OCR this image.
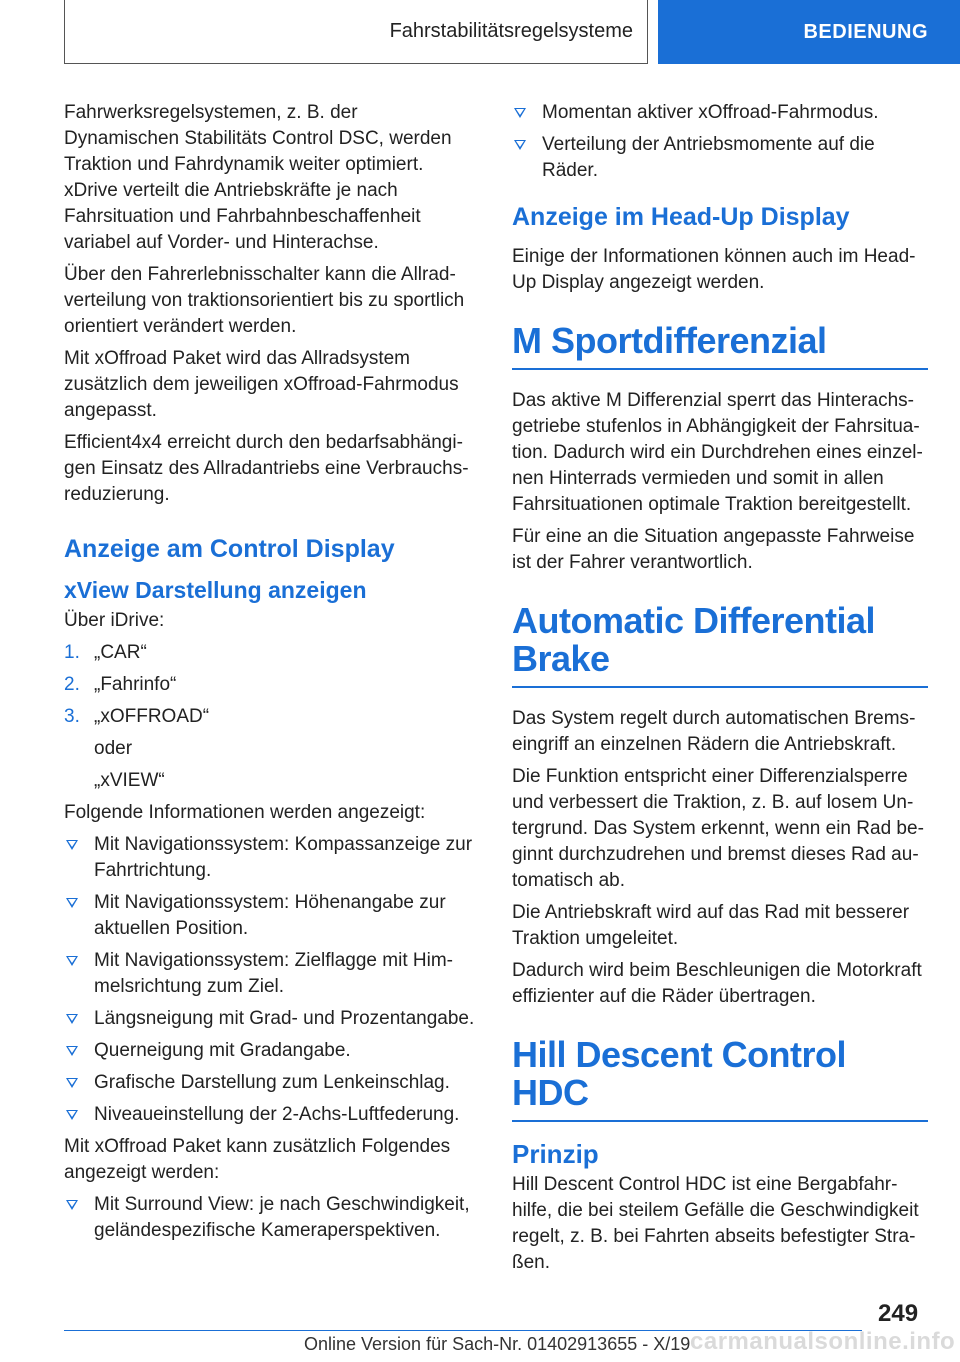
Fahrstabilitätsregelsysteme	BEDIENUNG

Fahrwerksregelsystemen, z. B. der Dynamischen Stabilitäts Control DSC, werden Traktion und Fahrdynamik weiter optimiert. xDrive verteilt die Antriebskräfte je nach Fahrsituation und Fahrbahnbeschaffenheit variabel auf Vorder- und Hinterachse.

Über den Fahrerlebnisschalter kann die Allradverteilung von traktionsorientiert bis zu sportlich orientiert verändert werden.

Mit xOffroad Paket wird das Allradsystem zusätzlich dem jeweiligen xOffroad-Fahrmodus angepasst.

Efficient4x4 erreicht durch den bedarfsabhängigen Einsatz des Allradantriebs eine Verbrauchsreduzierung.

Anzeige am Control Display
xView Darstellung anzeigen

Über iDrive:

1. „CAR“
2. „Fahrinfo“
3. „xOFFROAD“
oder
„xVIEW“

Folgende Informationen werden angezeigt:

Mit Navigationssystem: Kompassanzeige zur Fahrtrichtung.
Mit Navigationssystem: Höhenangabe zur aktuellen Position.
Mit Navigationssystem: Zielflagge mit Himmelsrichtung zum Ziel.
Längsneigung mit Grad- und Prozentangabe.
Querneigung mit Gradangabe.
Grafische Darstellung zum Lenkeinschlag.
Niveaueinstellung der 2-Achs-Luftfederung.

Mit xOffroad Paket kann zusätzlich Folgendes angezeigt werden:

Mit Surround View: je nach Geschwindigkeit, geländespezifische Kameraperspektiven.
Momentan aktiver xOffroad-Fahrmodus.
Verteilung der Antriebsmomente auf die Räder.
Anzeige im Head-Up Display

Einige der Informationen können auch im Head-Up Display angezeigt werden.

M Sportdifferenzial

Das aktive M Differenzial sperrt das Hinterachsgetriebe stufenlos in Abhängigkeit der Fahrsituation. Dadurch wird ein Durchdrehen eines einzelnen Hinterrads vermieden und somit in allen Fahrsituationen optimale Traktion bereitgestellt.

Für eine an die Situation angepasste Fahrweise ist der Fahrer verantwortlich.

Automatic Differential Brake

Das System regelt durch automatischen Bremseingriff an einzelnen Rädern die Antriebskraft.

Die Funktion entspricht einer Differenzialsperre und verbessert die Traktion, z. B. auf losem Untergrund. Das System erkennt, wenn ein Rad beginnt durchzudrehen und bremst dieses Rad automatisch ab.

Die Antriebskraft wird auf das Rad mit besserer Traktion umgeleitet.

Dadurch wird beim Beschleunigen die Motorkraft effizienter auf die Räder übertragen.

Hill Descent Control HDC
Prinzip

Hill Descent Control HDC ist eine Bergabfahrhilfe, die bei steilem Gefälle die Geschwindigkeit regelt, z. B. bei Fahrten abseits befestigter Straßen.

249
Online Version für Sach-Nr. 01402913655 - X/19 carmanualsonline.info
